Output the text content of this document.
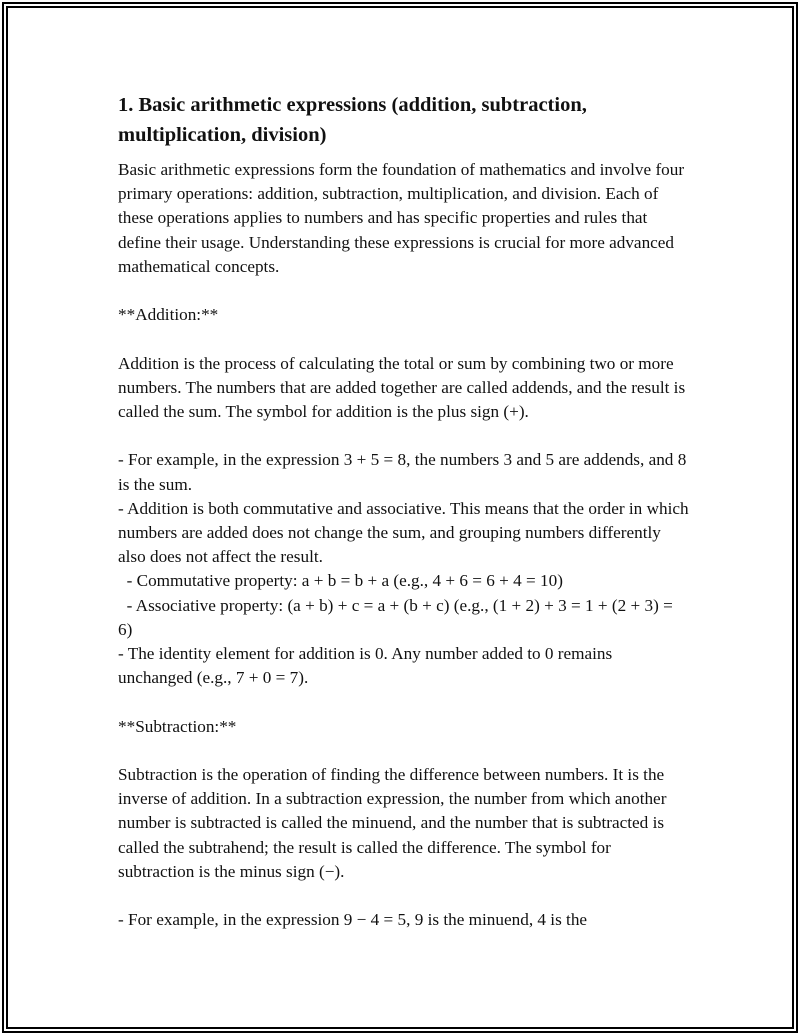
1. Basic arithmetic expressions (addition, subtraction, multiplication, division)

Basic arithmetic expressions form the foundation of mathematics and involve four primary operations: addition, subtraction, multiplication, and division. Each of these operations applies to numbers and has specific properties and rules that define their usage. Understanding these expressions is crucial for more advanced mathematical concepts.

**Addition:**

Addition is the process of calculating the total or sum by combining two or more numbers. The numbers that are added together are called addends, and the result is called the sum. The symbol for addition is the plus sign (+).

- For example, in the expression 3 + 5 = 8, the numbers 3 and 5 are addends, and 8 is the sum.
- Addition is both commutative and associative. This means that the order in which numbers are added does not change the sum, and grouping numbers differently also does not affect the result.
- Commutative property: a + b = b + a (e.g., 4 + 6 = 6 + 4 = 10)
- Associative property: (a + b) + c = a + (b + c) (e.g., (1 + 2) + 3 = 1 + (2 + 3) = 6)
- The identity element for addition is 0. Any number added to 0 remains unchanged (e.g., 7 + 0 = 7).

**Subtraction:**

Subtraction is the operation of finding the difference between numbers. It is the inverse of addition. In a subtraction expression, the number from which another number is subtracted is called the minuend, and the number that is subtracted is called the subtrahend; the result is called the difference. The symbol for subtraction is the minus sign (−).

- For example, in the expression 9 − 4 = 5, 9 is the minuend, 4 is the
